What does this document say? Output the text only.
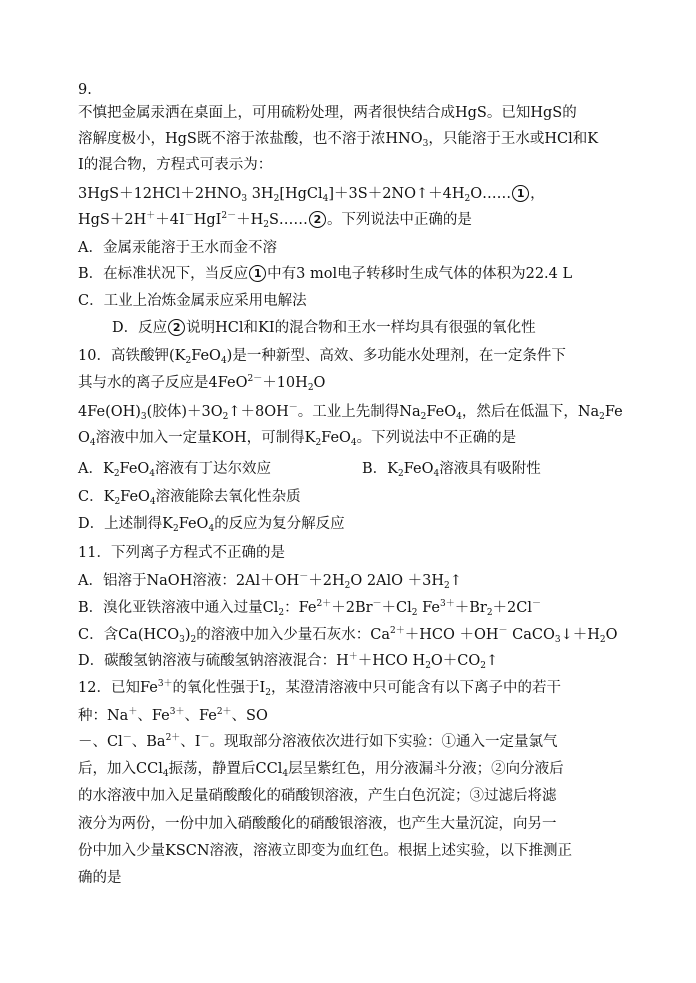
9.
不慎把金属汞洒在桌面上，可用硫粉处理，两者很快结合成HgS。已知HgS的
溶解度极小，HgS既不溶于浓盐酸，也不溶于浓$HNO_3$，只能溶于王水或HCl和K
I的混合物，方程式可表示为：
$3HgS+12HCl+2HNO_3$ $3H_2[HgCl_4]+3S+2NO↑+4H_2O\dots\dots$ 1 ，
$HgS+2H^++4I^-HgI^{2-}+H_2S\dots\dots$ 2 。下列说法中正确的是
A．金属汞能溶于王水而金不溶
B．在标准状况下，当反应 1 中有3 mol电子转移时生成气体的体积为22.4 L
C．工业上冶炼金属汞应采用电解法
D．反应 2 说明HCl和KI的混合物和王水一样均具有很强的氧化性
10．高铁酸钾$(K_2FeO_4)$是一种新型、高效、多功能水处理剂，在一定条件下
其与水的离子反应是$4FeO^{2-}+10H_2O$
$4Fe(OH)_3$(胶体)$+3O_2↑+8OH^-$。工业上先制得$Na_2FeO_4$，然后在低温下，$Na_2Fe$
$O_4$溶液中加入一定量KOH，可制得$K_2FeO_4$。下列说法中不正确的是
A．$K_2FeO_4$溶液有丁达尔效应	B．$K_2FeO_4$溶液具有吸附性
C．$K_2FeO_4$溶液能除去氧化性杂质
D．上述制得$K_2FeO_4$的反应为复分解反应
11．下列离子方程式不正确的是
A．铝溶于NaOH溶液：$2Al+OH^-+2H_2O$ $2AlO +3H_2↑$
B．溴化亚铁溶液中通入过量$Cl_2$：$Fe^{2+}+2Br^-+Cl_2$ $Fe^{3+}+Br_2+2Cl^-$
C．含$Ca(HCO_3)_2$的溶液中加入少量石灰水：$Ca^{2+}+HCO +OH^-$ $CaCO_3↓+H_2O$
D．碳酸氢钠溶液与硫酸氢钠溶液混合：H＋＋HCO $H_2O+CO_2↑$
12．已知$Fe^{3+}$的氧化性强于$I_2$，某澄清溶液中只可能含有以下离子中的若干
种：Na＋、$Fe^{3+}$、$Fe^{2+}$、SO
－、Cl－、$Ba^{2+}$、I－。现取部分溶液依次进行如下实验：①通入一定量氯气
后，加入CCl$_4$振荡，静置后CCl$_4$层呈紫红色，用分液漏斗分液；②向分液后
的水溶液中加入足量硝酸酸化的硝酸钡溶液，产生白色沉淀；③过滤后将滤
液分为两份，一份中加入硝酸酸化的硝酸银溶液，也产生大量沉淀，向另一
份中加入少量KSCN溶液，溶液立即变为血红色。根据上述实验，以下推测正
确的是
